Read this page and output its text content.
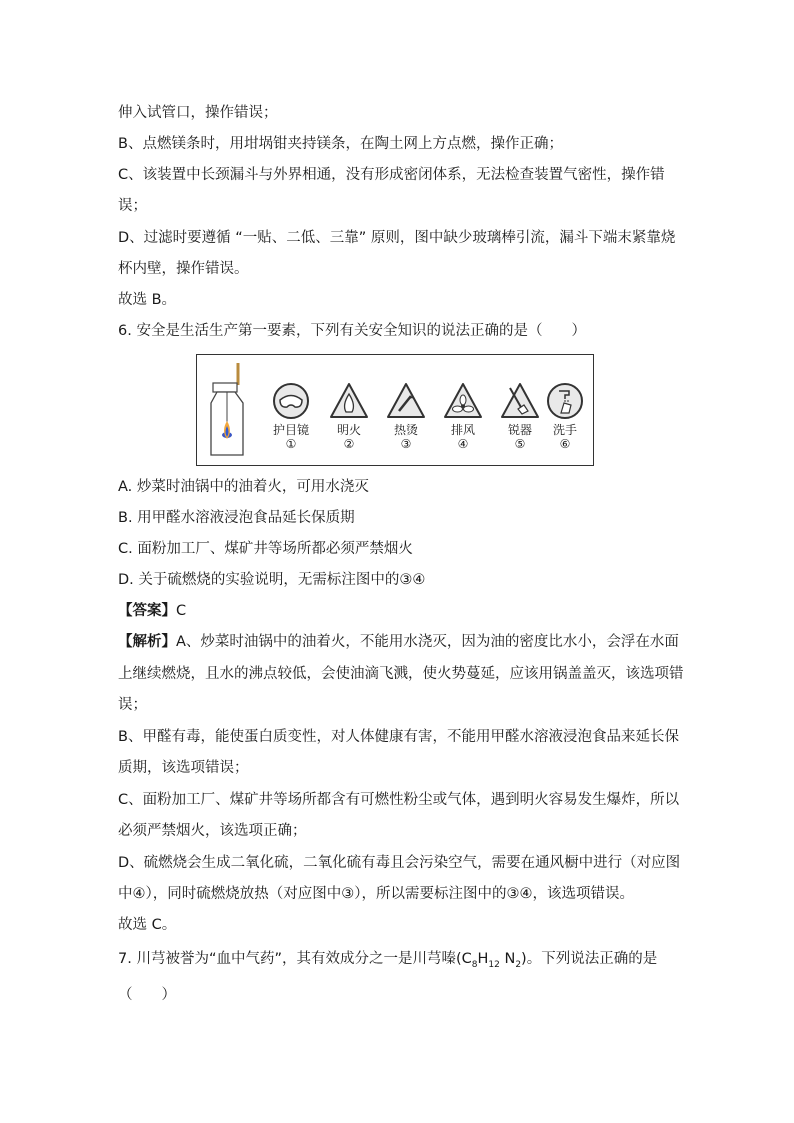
伸入试管口，操作错误；
B、点燃镁条时，用坩埚钳夹持镁条，在陶土网上方点燃，操作正确；
C、该装置中长颈漏斗与外界相通，没有形成密闭体系，无法检查装置气密性，操作错
误；
D、过滤时要遵循 “一贴、二低、三靠” 原则，图中缺少玻璃棒引流，漏斗下端末紧靠烧
杯内壁，操作错误。
故选 B。
6. 安全是生活生产第一要素，下列有关安全知识的说法正确的是（　　）
护目镜
①
明火
②
热烫
③
排风
④
锐器
⑤
洗手
⑥
A. 炒菜时油锅中的油着火，可用水浇灭
B. 用甲醛水溶液浸泡食品延长保质期
C. 面粉加工厂、煤矿井等场所都必须严禁烟火
D. 关于硫燃烧的实验说明，无需标注图中的③④
【答案】C
【解析】A、炒菜时油锅中的油着火，不能用水浇灭，因为油的密度比水小，会浮在水面
上继续燃烧，且水的沸点较低，会使油滴飞溅，使火势蔓延，应该用锅盖盖灭，该选项错
误；
B、甲醛有毒，能使蛋白质变性，对人体健康有害，不能用甲醛水溶液浸泡食品来延长保
质期，该选项错误；
C、面粉加工厂、煤矿井等场所都含有可燃性粉尘或气体，遇到明火容易发生爆炸，所以
必须严禁烟火，该选项正确；
D、硫燃烧会生成二氧化硫，二氧化硫有毒且会污染空气，需要在通风橱中进行（对应图
中④），同时硫燃烧放热（对应图中③），所以需要标注图中的③④，该选项错误。
故选 C。
7. 川芎被誉为“血中气药”，其有效成分之一是川芎嗪($C_8H_{12}$ $N_2$)。下列说法正确的是
（　　）
